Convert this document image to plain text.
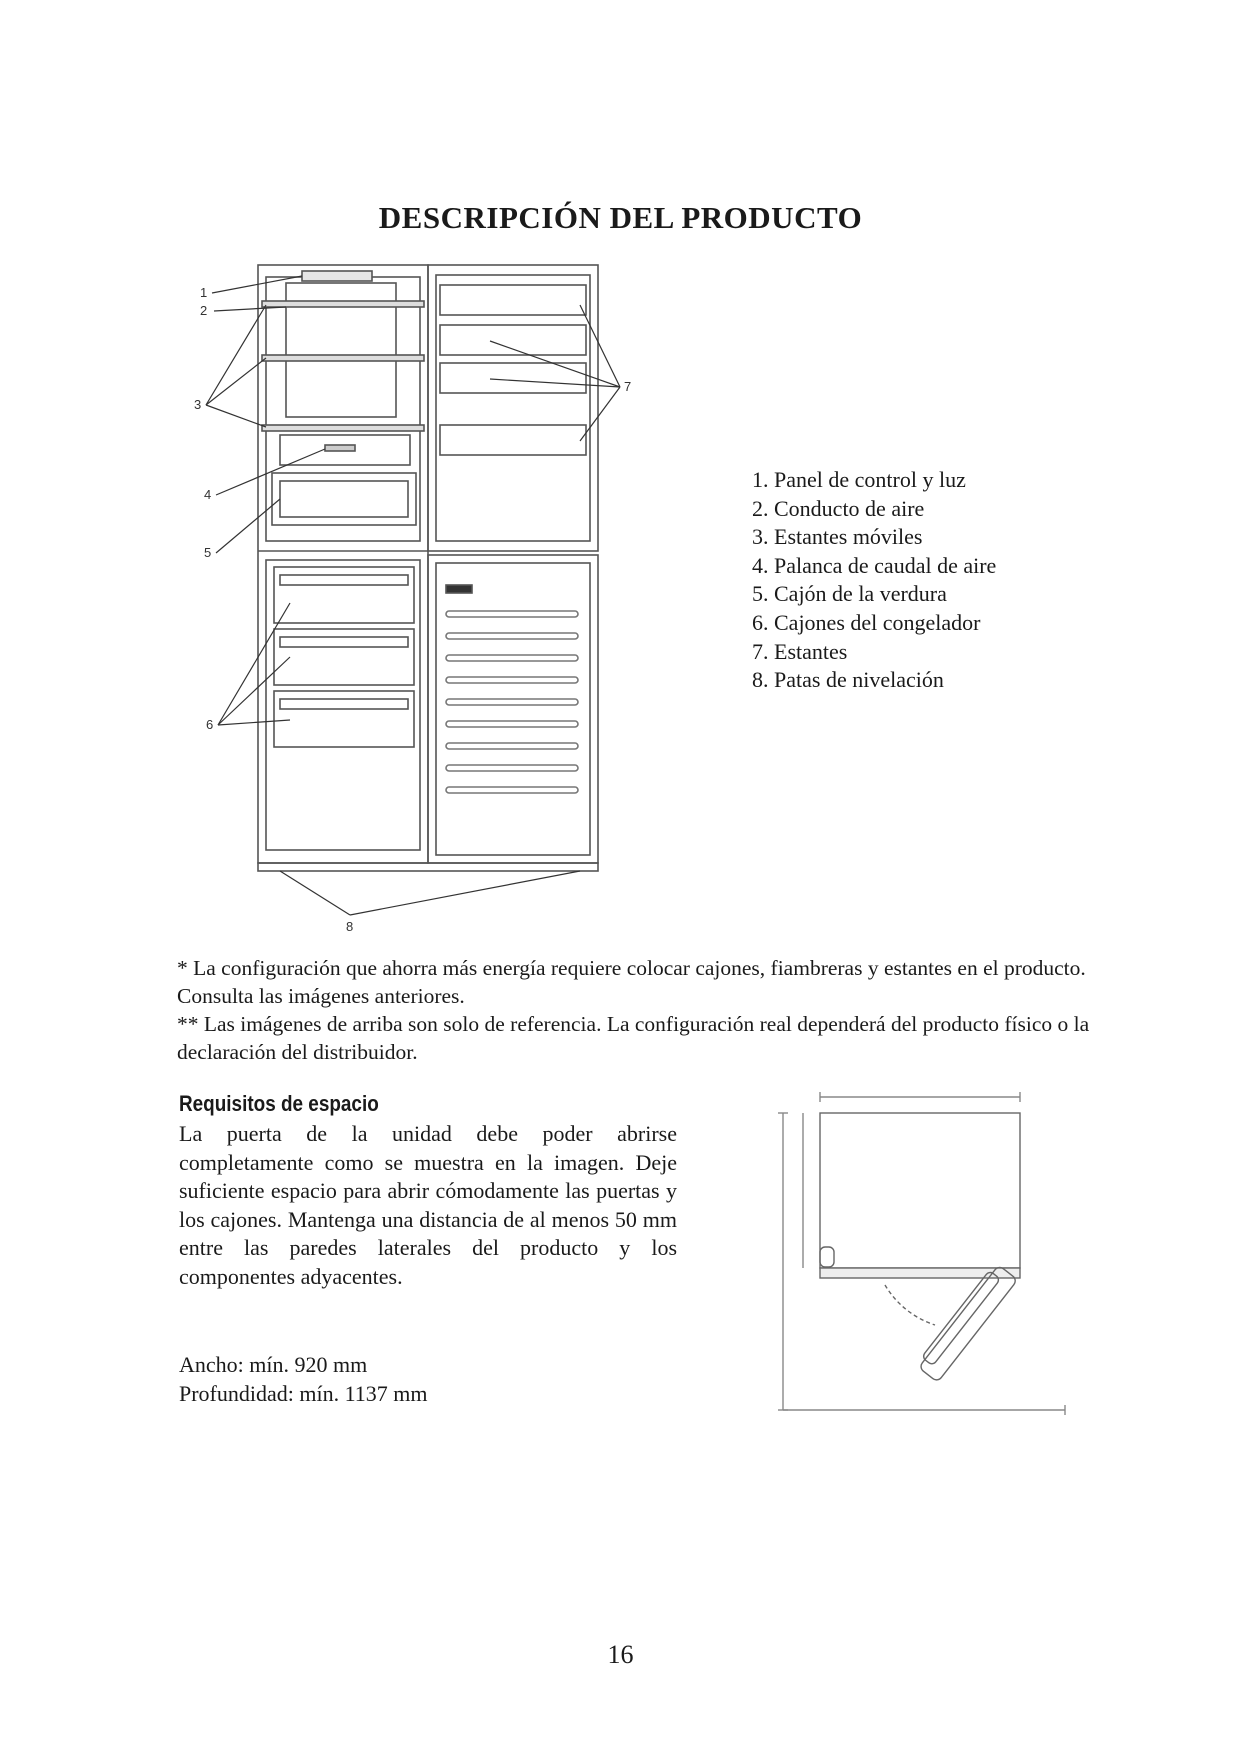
DESCRIPCIÓN DEL PRODUCTO
1
2
3
4
5
6
7
8
1. Panel de control y luz
2. Conducto de aire
3. Estantes móviles
4. Palanca de caudal de aire
5. Cajón de la verdura
6. Cajones del congelador
7. Estantes
8. Patas de nivelación

* La configuración que ahorra más energía requiere colocar cajones, fiambreras y estantes en el producto. Consulta las imágenes anteriores.

** Las imágenes de arriba son solo de referencia. La configuración real dependerá del producto físico o la declaración del distribuidor.

Requisitos de espacio

La puerta de la unidad debe poder abrirse completamente como se muestra en la imagen. Deje suficiente espacio para abrir cómodamente las puertas y los cajones. Mantenga una distancia de al menos 50 mm entre las paredes laterales del producto y los componentes adyacentes.

Ancho: mín. 920 mm
Profundidad: mín. 1137 mm
16
